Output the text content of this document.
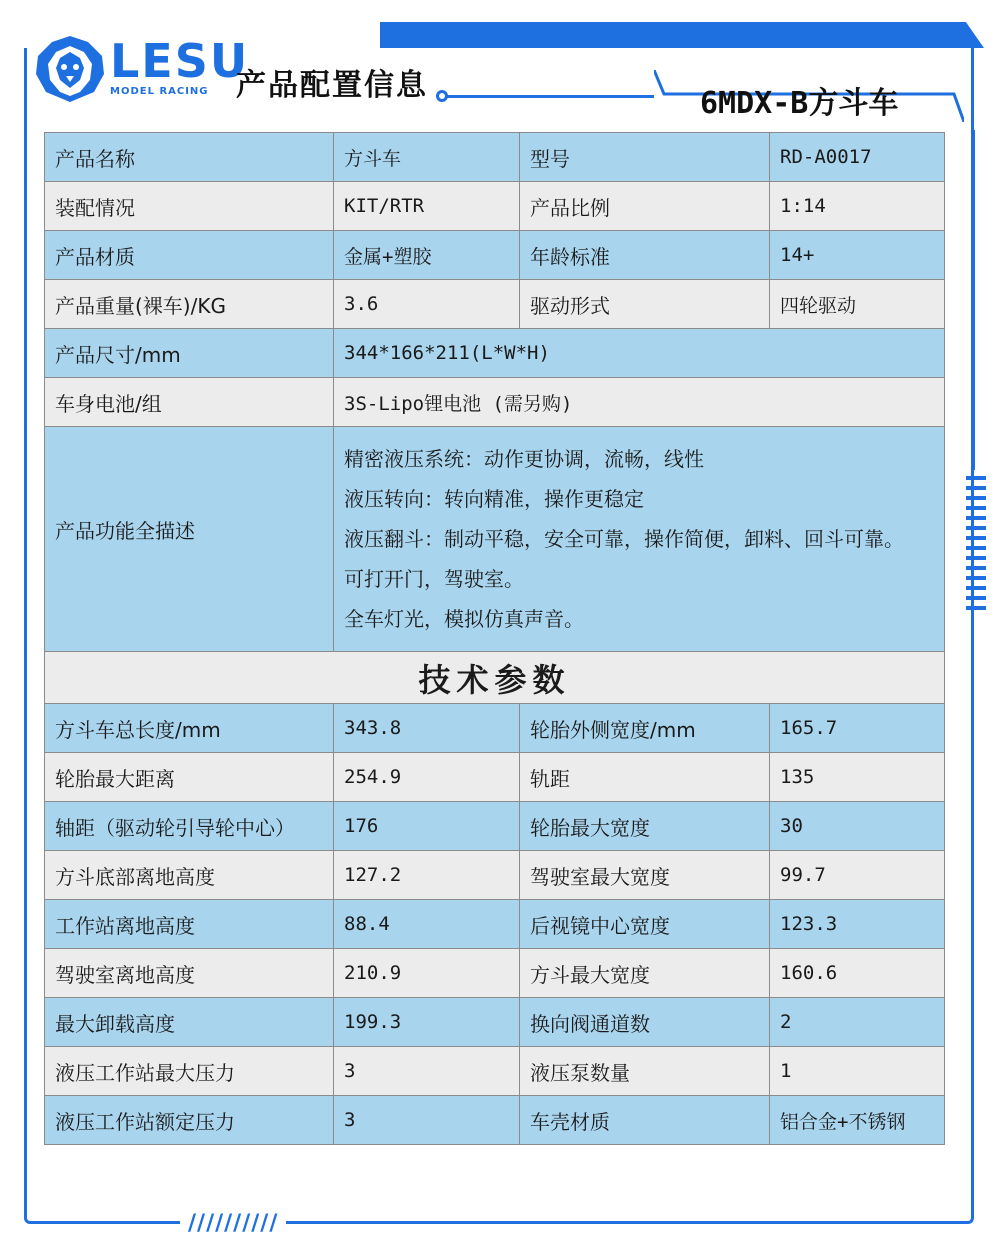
LESU
MODEL RACING 产品配置信息
6MDX-B方斗车
产品名称	方斗车	型号	RD-A0017
装配情况	KIT/RTR	产品比例	1:14
产品材质	金属+塑胶	年龄标准	14+
产品重量(裸车)/KG	3.6	驱动形式	四轮驱动
产品尺寸/mm	344*166*211(L*W*H)		
车身电池/组	3S-Lipo锂电池 (需另购)		
产品功能全描述	精密液压系统：动作更协调，流畅，线性
液压转向：转向精准，操作更稳定
液压翻斗：制动平稳，安全可靠，操作简便，卸料、回斗可靠。
可打开门，驾驶室。
全车灯光，模拟仿真声音。		

技术参数			
方斗车总长度/mm	343.8	轮胎外侧宽度/mm	165.7
轮胎最大距离	254.9	轨距	135
轴距（驱动轮引导轮中心）	176	轮胎最大宽度	30
方斗底部离地高度	127.2	驾驶室最大宽度	99.7
工作站离地高度	88.4	后视镜中心宽度	123.3
驾驶室离地高度	210.9	方斗最大宽度	160.6
最大卸载高度	199.3	换向阀通道数	2
液压工作站最大压力	3	液压泵数量	1
液压工作站额定压力	3	车壳材质	铝合金+不锈钢
//////////
